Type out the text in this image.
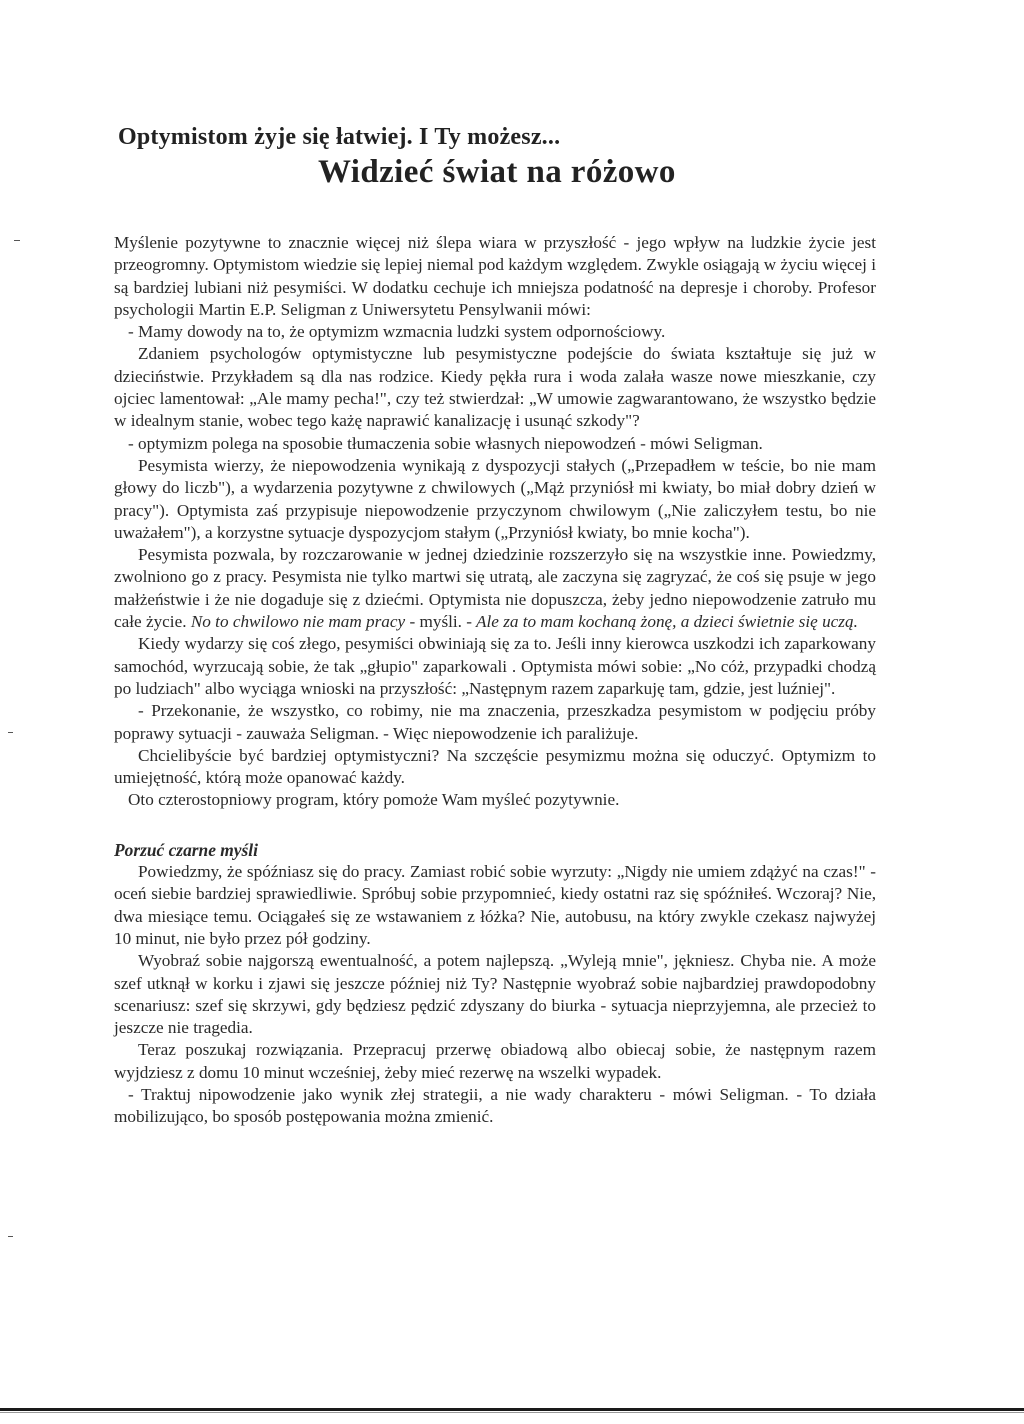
Optymistom żyje się łatwiej. I Ty możesz...
Widzieć świat na różowo

Myślenie pozytywne to znacznie więcej niż ślepa wiara w przyszłość - jego wpływ na ludzkie życie jest przeogromny. Optymistom wiedzie się lepiej niemal pod każdym względem. Zwykle osiągają w życiu więcej i są bardziej lubiani niż pesymiści. W dodatku cechuje ich mniejsza podatność na depresje i choroby. Profesor psychologii Martin E.P. Seligman z Uniwersytetu Pensylwanii mówi:

- Mamy dowody na to, że optymizm wzmacnia ludzki system odpornościowy.

Zdaniem psychologów optymistyczne lub pesymistyczne podejście do świata kształtuje się już w dzieciństwie. Przykładem są dla nas rodzice. Kiedy pękła rura i woda zalała wasze nowe mieszkanie, czy ojciec lamentował: „Ale mamy pecha!", czy też stwierdzał: „W umowie zagwarantowano, że wszystko będzie w idealnym stanie, wobec tego każę naprawić kanalizację i usunąć szkody"?

- optymizm polega na sposobie tłumaczenia sobie własnych niepowodzeń - mówi Seligman.

Pesymista wierzy, że niepowodzenia wynikają z dyspozycji stałych („Przepadłem w teście, bo nie mam głowy do liczb"), a wydarzenia pozytywne z chwilowych („Mąż przyniósł mi kwiaty, bo miał dobry dzień w pracy"). Optymista zaś przypisuje niepowodzenie przyczynom chwilowym („Nie zaliczyłem testu, bo nie uważałem"), a korzystne sytuacje dyspozycjom stałym („Przyniósł kwiaty, bo mnie kocha").

Pesymista pozwala, by rozczarowanie w jednej dziedzinie rozszerzyło się na wszystkie inne. Powiedzmy, zwolniono go z pracy. Pesymista nie tylko martwi się utratą, ale zaczyna się zagryzać, że coś się psuje w jego małżeństwie i że nie dogaduje się z dziećmi. Optymista nie dopuszcza, żeby jedno niepowodzenie zatruło mu całe życie. No to chwilowo nie mam pracy - myśli. - Ale za to mam kochaną żonę, a dzieci świetnie się uczą.

Kiedy wydarzy się coś złego, pesymiści obwiniają się za to. Jeśli inny kierowca uszkodzi ich zaparkowany samochód, wyrzucają sobie, że tak „głupio" zaparkowali . Optymista mówi sobie: „No cóż, przypadki chodzą po ludziach" albo wyciąga wnioski na przyszłość: „Następnym razem zaparkuję tam, gdzie, jest luźniej".

- Przekonanie, że wszystko, co robimy, nie ma znaczenia, przeszkadza pesymistom w podjęciu próby poprawy sytuacji - zauważa Seligman. - Więc niepowodzenie ich paraliżuje.

Chcielibyście być bardziej optymistyczni? Na szczęście pesymizmu można się oduczyć. Optymizm to umiejętność, którą może opanować każdy.

Oto czterostopniowy program, który pomoże Wam myśleć pozytywnie.

Porzuć czarne myśli

Powiedzmy, że spóźniasz się do pracy. Zamiast robić sobie wyrzuty: „Nigdy nie umiem zdążyć na czas!" - oceń siebie bardziej sprawiedliwie. Spróbuj sobie przypomnieć, kiedy ostatni raz się spóźniłeś. Wczoraj? Nie, dwa miesiące temu. Ociągałeś się ze wstawaniem z łóżka? Nie, autobusu, na który zwykle czekasz najwyżej 10 minut, nie było przez pół godziny.

Wyobraź sobie najgorszą ewentualność, a potem najlepszą. „Wyleją mnie", jękniesz. Chyba nie. A może szef utknął w korku i zjawi się jeszcze później niż Ty? Następnie wyobraź sobie najbardziej prawdopodobny scenariusz: szef się skrzywi, gdy będziesz pędzić zdyszany do biurka - sytuacja nieprzyjemna, ale przecież to jeszcze nie tragedia.

Teraz poszukaj rozwiązania. Przepracuj przerwę obiadową albo obiecaj sobie, że następnym razem wyjdziesz z domu 10 minut wcześniej, żeby mieć rezerwę na wszelki wypadek.

- Traktuj nipowodzenie jako wynik złej strategii, a nie wady charakteru - mówi Seligman. - To działa mobilizująco, bo sposób postępowania można zmienić.
